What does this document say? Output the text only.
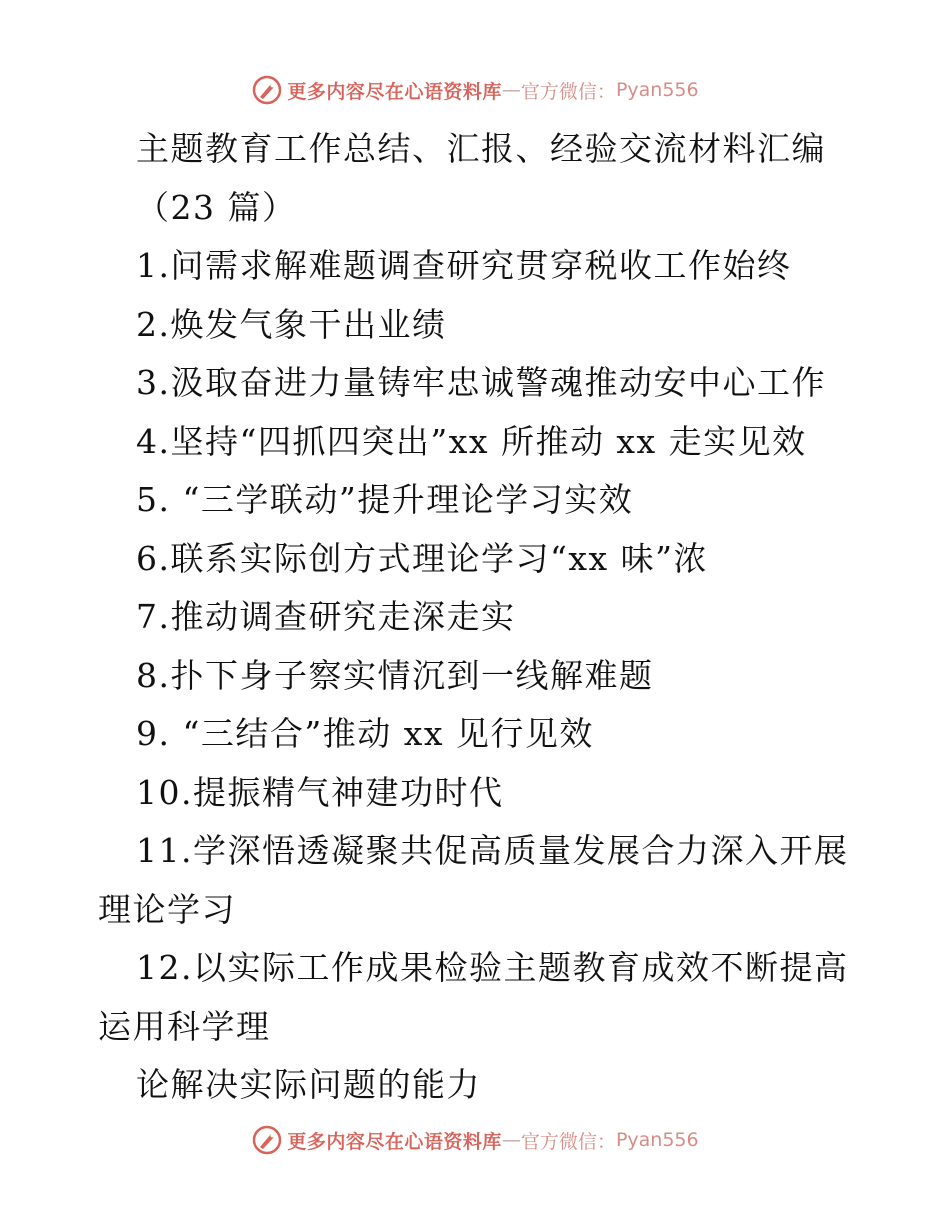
更多内容尽在心语资料库 — 官方微信： Pyan556
主题教育工作总结、汇报、经验交流材料汇编
（23 篇）
1.问需求解难题调查研究贯穿税收工作始终
2.焕发气象干出业绩
3.汲取奋进力量铸牢忠诚警魂推动安中心工作
4.坚持“四抓四突出”xx 所推动 xx 走实见效
5. “三学联动”提升理论学习实效
6.联系实际创方式理论学习“xx 味”浓
7.推动调查研究走深走实
8.扑下身子察实情沉到一线解难题
9. “三结合”推动 xx 见行见效
10.提振精气神建功时代
11.学深悟透凝聚共促高质量发展合力深入开展
理论学习
12.以实际工作成果检验主题教育成效不断提高
运用科学理
论解决实际问题的能力
更多内容尽在心语资料库 — 官方微信： Pyan556
